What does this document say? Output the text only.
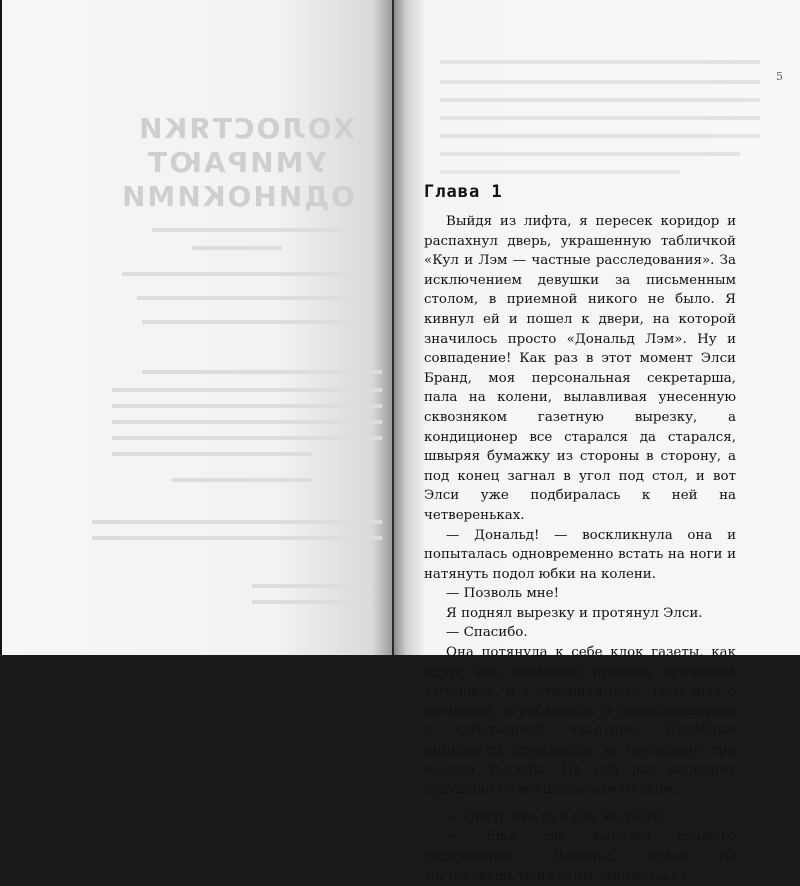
ХОЛОСТЯКИ
УМИРАЮТ
ОДИНОКИМИ
5
Глава 1

Выйдя из лифта, я пересек коридор и распахнул дверь, украшенную табличкой «Кул и Лэм — частные расследования». За исключением девушки за письменным столом, в приемной никого не было. Я кивнул ей и пошел к двери, на которой значилось просто «Дональд Лэм». Ну и совпадение! Как раз в этот момент Элси Бранд, моя персональная секретарша, пала на колени, вылавливая унесенную сквозняком газетную вырезку, а кондиционер все старался да старался, швыряя бумажку из стороны в сторону, а под конец загнал в угол под стол, и вот Элси уже подбиралась к ней на четвереньках.

— Дональд! — воскликнула она и попыталась одновременно встать на ноги и натянуть подол юбки на колени.

— Позволь мне!

Я поднял вырезку и протянул Элси.

— Спасибо.

Она потянула к себе клок газеты, как вдруг мое внимание привлек кричащий заголовок, и я отдернул руку. Речь шла о женщине, ограбленной и изнасилованной в собственной квартире. Подобные инциденты произошли за последние три месяца трижды. На сей раз женщину задушили ее же шелковым чулком.

— Опять что-то в том же роде?

— Еще две вырезки схожего содержания... Дональд, зачем ты заставляешь меня этим заниматься?
